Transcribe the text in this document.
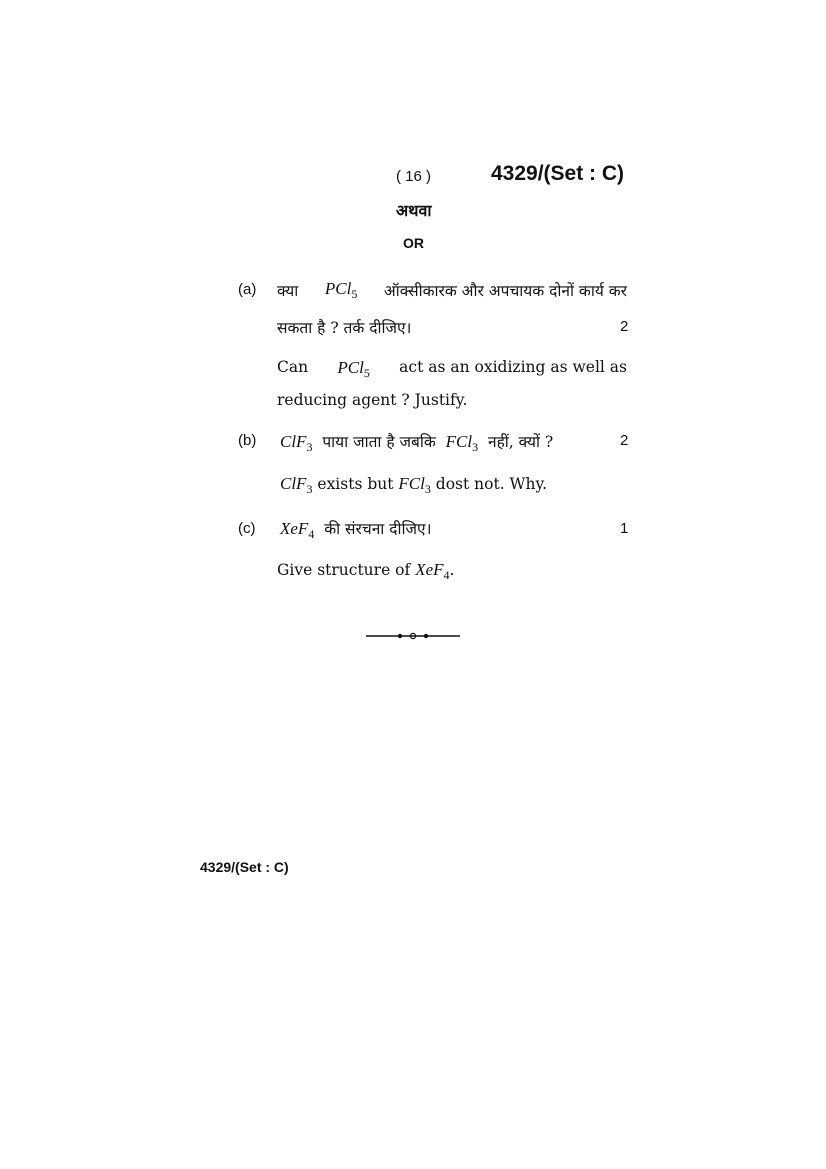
( 16 )	4329/(Set : C)
अथवा
OR
(a) क्या PCl$_5$ ऑक्सीकारक और अपचायक दोनों कार्य कर
सकता है ? तर्क दीजिए।	2
Can PCl$_5$ act as an oxidizing as well as
reducing agent ? Justify.
(b) ClF$_3$ पाया जाता है जबकि FCl$_3$ नहीं, क्यों ?	2
ClF$_3$ exists but FCl$_3$ dost not. Why.
(c) XeF$_4$ की संरचना दीजिए।	1
Give structure of XeF$_4$.
4329/(Set : C)
